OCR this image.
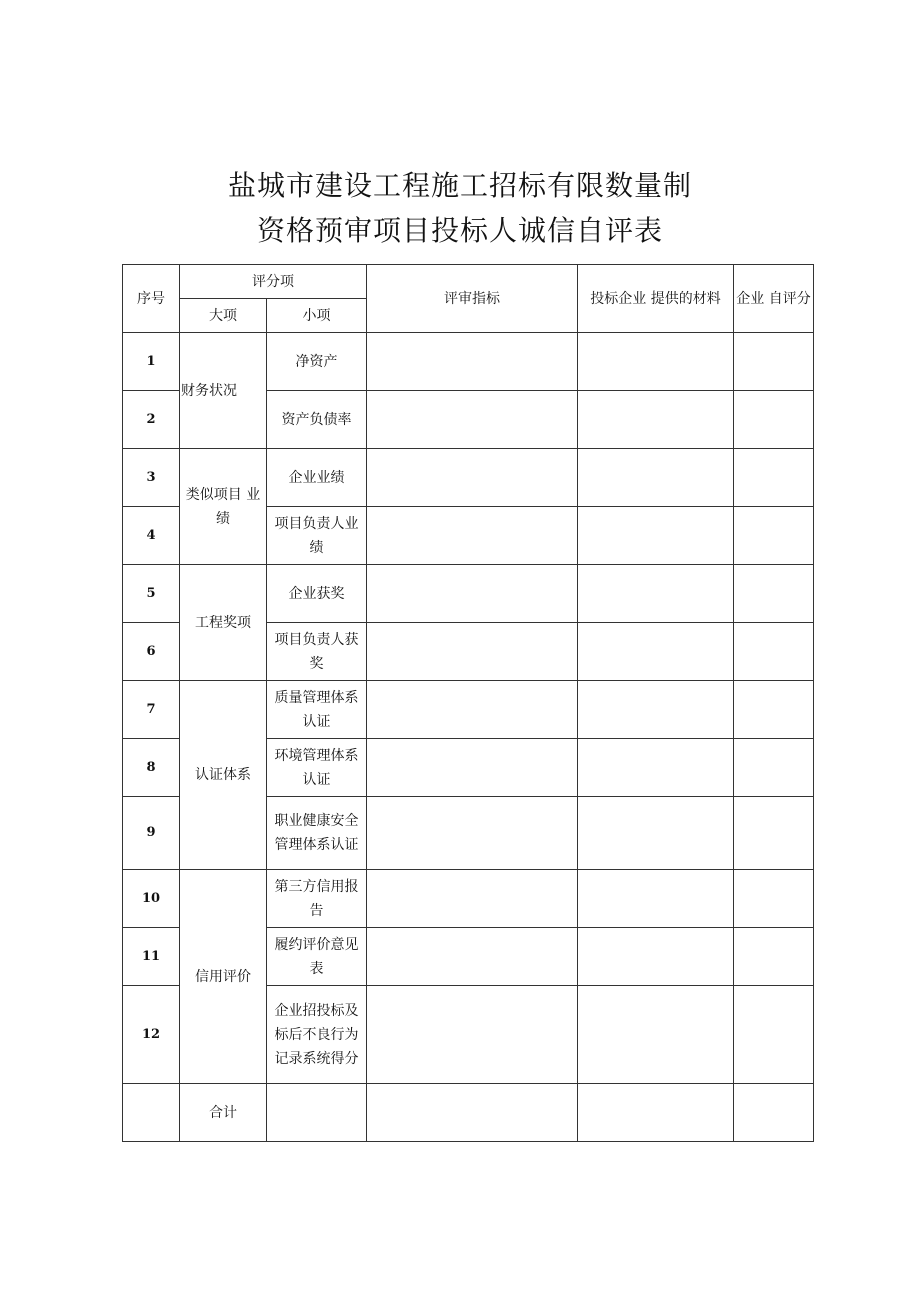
盐城市建设工程施工招标有限数量制
资格预审项目投标人诚信自评表
序号	评分项		评审指标	投标企业 提供的材料	企业 自评分
	大项	小项			
1	财务状况	净资产			
2		资产负债率			
3	类似项目 业绩	企业业绩			
4		项目负责人业绩			
5	工程奖项	企业获奖			
6		项目负责人获奖			
7	认证体系	质量管理体系认证			
8		环境管理体系认证			
9		职业健康安全管理体系认证			
10	信用评价	第三方信用报告			
11		履约评价意见表			
12		企业招投标及标后不良行为记录系统得分			
	合计				
